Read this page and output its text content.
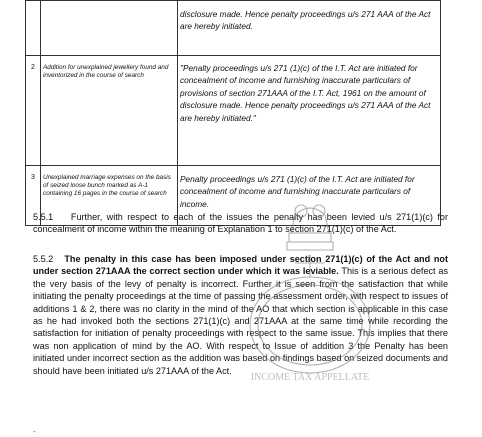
		disclosure made. Hence penalty proceedings u/s 271 AAA of the Act are hereby initiated.
2	Addition for unexplained jewellery found and inventorized in the course of search	"Penalty proceedings u/s 271 (1)(c) of the I.T. Act are initiated for concealment of income and furnishing inaccurate particulars of provisions of section 271AAA of the I.T. Act, 1961 on the amount of disclosure made. Hence penalty proceedings u/s 271 AAA of the Act are hereby initiated."
3	Unexplained marriage expenses on the basis of seized loose bunch marked as A-1 containing 16 pages in the course of search	Penalty proceedings u/s 271 (1)(c) of the I.T. Act are initiated for concealment of income and furnishing inaccurate particulars of income.
5.5.1 Further, with respect to each of the issues the penalty has been levied u/s 271(1)(c) for concealment of income within the meaning of Explanation 1 to section 271(1)(c) of the Act.
5.5.2 The penalty in this case has been imposed under section 271(1)(c) of the Act and not under section 271AAA the correct section under which it was leviable. This is a serious defect as the very basis of the levy of penalty is incorrect. Further it is seen from the satisfaction that while initiating the penalty proceedings at the time of passing the assessment order, with respect to issues of additions 1 & 2, there was no clarity in the mind of the AO that which section is applicable in this case as he had invoked both the sections 271(1)(c) and 271AAA at the same time while recording the satisfaction for initiation of penalty proceedings with respect to the same issue. This implies that there was non application of mind by the AO. With respect to Issue of addition 3 the Penalty has been initiated under incorrect section as the addition was based on findings based on seized documents and should have been initiated u/s 271AAA of the Act.
INCOME TAX APPELLATE
-
